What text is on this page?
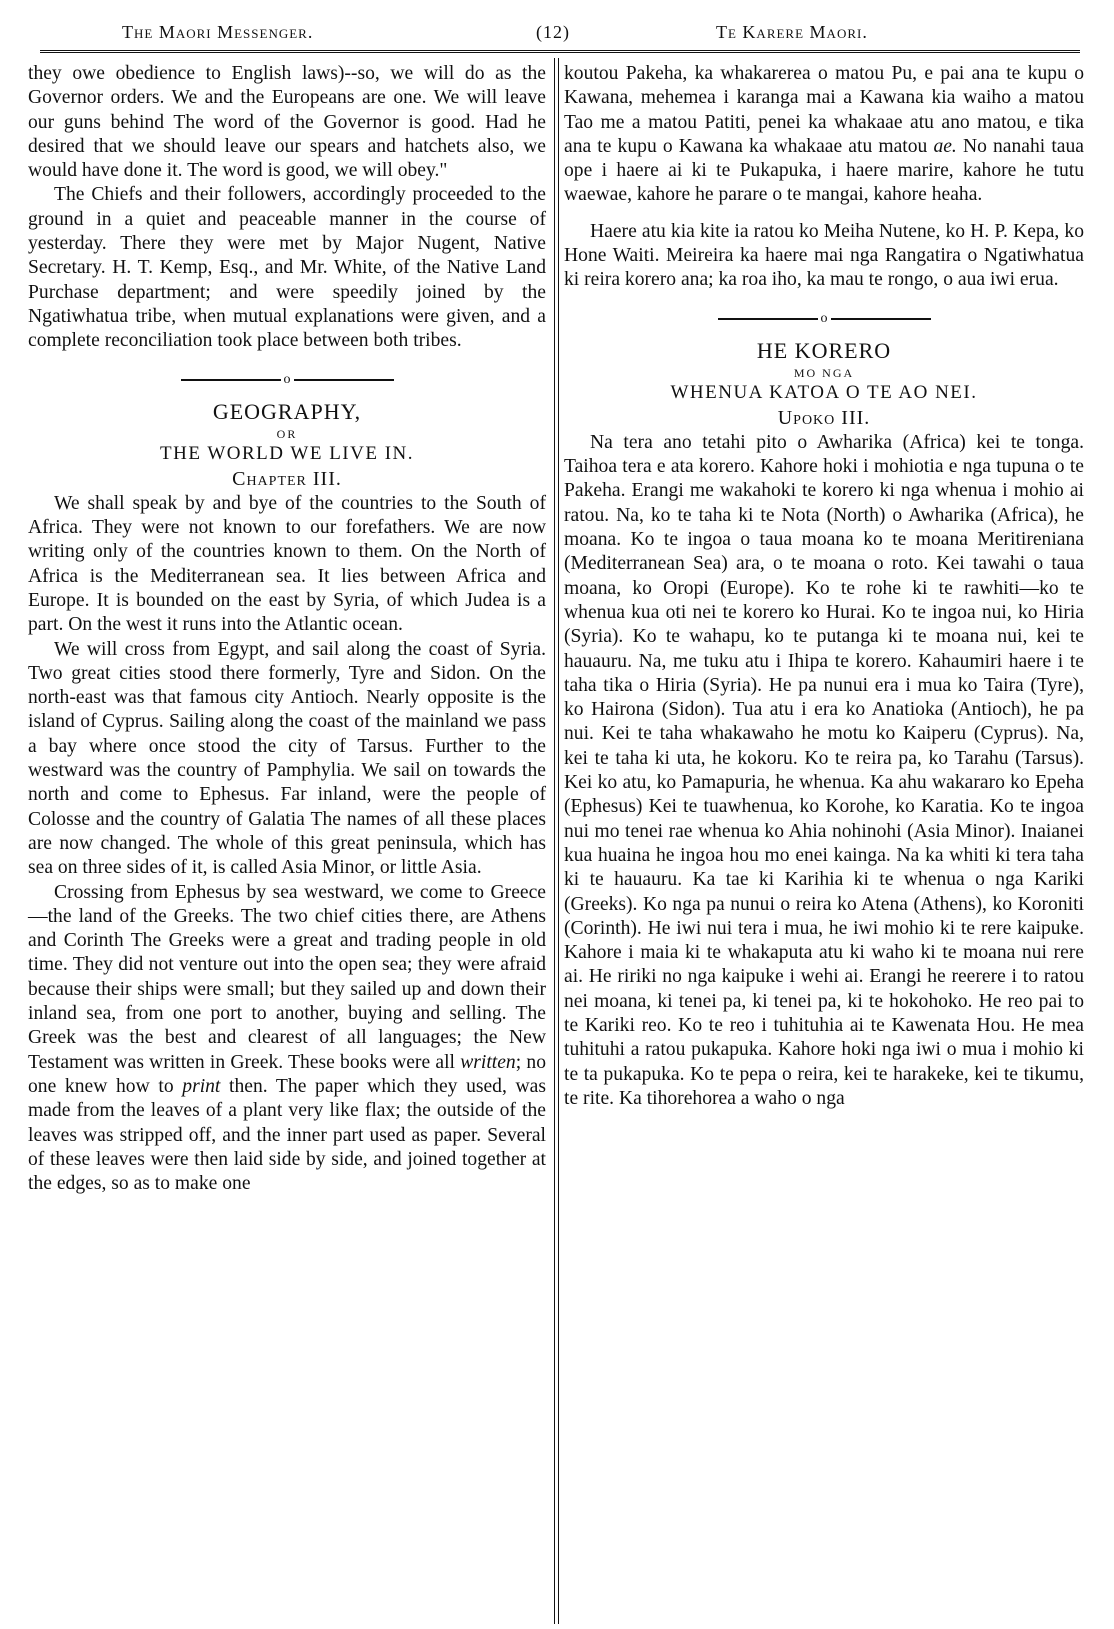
The Maori Messenger.	(12)	Te Karere Maori.

they owe obedience to English laws)--so, we will do as the Governor orders. We and the Europeans are one. We will leave our guns behind The word of the Governor is good. Had he desired that we should leave our spears and hatchets also, we would have done it. The word is good, we will obey."

The Chiefs and their followers, accordingly proceeded to the ground in a quiet and peaceable manner in the course of yesterday. There they were met by Major Nugent, Native Secretary. H. T. Kemp, Esq., and Mr. White, of the Native Land Purchase department; and were speedily joined by the Ngatiwhatua tribe, when mutual explanations were given, and a complete reconciliation took place between both tribes.

o

GEOGRAPHY,

OR

THE WORLD WE LIVE IN.

Chapter III.

We shall speak by and bye of the countries to the South of Africa. They were not known to our forefathers. We are now writing only of the countries known to them. On the North of Africa is the Mediterranean sea. It lies between Africa and Europe. It is bounded on the east by Syria, of which Judea is a part. On the west it runs into the Atlantic ocean.

We will cross from Egypt, and sail along the coast of Syria. Two great cities stood there formerly, Tyre and Sidon. On the north-east was that famous city Antioch. Nearly opposite is the island of Cyprus. Sailing along the coast of the mainland we pass a bay where once stood the city of Tarsus. Further to the westward was the country of Pamphylia. We sail on towards the north and come to Ephesus. Far inland, were the people of Colosse and the country of Galatia The names of all these places are now changed. The whole of this great peninsula, which has sea on three sides of it, is called Asia Minor, or little Asia.

Crossing from Ephesus by sea westward, we come to Greece—the land of the Greeks. The two chief cities there, are Athens and Corinth The Greeks were a great and trading people in old time. They did not venture out into the open sea; they were afraid because their ships were small; but they sailed up and down their inland sea, from one port to another, buying and selling. The Greek was the best and clearest of all languages; the New Testament was written in Greek. These books were all written; no one knew how to print then. The paper which they used, was made from the leaves of a plant very like flax; the outside of the leaves was stripped off, and the inner part used as paper. Several of these leaves were then laid side by side, and joined together at the edges, so as to make one

koutou Pakeha, ka whakarerea o matou Pu, e pai ana te kupu o Kawana, mehemea i karanga mai a Kawana kia waiho a matou Tao me a matou Patiti, penei ka whakaae atu ano matou, e tika ana te kupu o Kawana ka whakaae atu matou ae. No nanahi taua ope i haere ai ki te Pukapuka, i haere marire, kahore he tutu waewae, kahore he parare o te mangai, kahore heaha.

Haere atu kia kite ia ratou ko Meiha Nutene, ko H. P. Kepa, ko Hone Waiti. Meireira ka haere mai nga Rangatira o Ngatiwhatua ki reira korero ana; ka roa iho, ka mau te rongo, o aua iwi erua.

o

HE KORERO

MO NGA

WHENUA KATOA O TE AO NEI.

Upoko III.

Na tera ano tetahi pito o Awharika (Africa) kei te tonga. Taihoa tera e ata korero. Kahore hoki i mohiotia e nga tupuna o te Pakeha. Erangi me wakahoki te korero ki nga whenua i mohio ai ratou. Na, ko te taha ki te Nota (North) o Awharika (Africa), he moana. Ko te ingoa o taua moana ko te moana Meritireniana (Mediterranean Sea) ara, o te moana o roto. Kei tawahi o taua moana, ko Oropi (Europe). Ko te rohe ki te rawhiti—ko te whenua kua oti nei te korero ko Hurai. Ko te ingoa nui, ko Hiria (Syria). Ko te wahapu, ko te putanga ki te moana nui, kei te hauauru. Na, me tuku atu i Ihipa te korero. Kahaumiri haere i te taha tika o Hiria (Syria). He pa nunui era i mua ko Taira (Tyre), ko Hairona (Sidon). Tua atu i era ko Anatioka (Antioch), he pa nui. Kei te taha whakawaho he motu ko Kaiperu (Cyprus). Na, kei te taha ki uta, he kokoru. Ko te reira pa, ko Tarahu (Tarsus). Kei ko atu, ko Pamapuria, he whenua. Ka ahu wakararo ko Epeha (Ephesus) Kei te tuawhenua, ko Korohe, ko Karatia. Ko te ingoa nui mo tenei rae whenua ko Ahia nohinohi (Asia Minor). Inaianei kua huaina he ingoa hou mo enei kainga. Na ka whiti ki tera taha ki te hauauru. Ka tae ki Karihia ki te whenua o nga Kariki (Greeks). Ko nga pa nunui o reira ko Atena (Athens), ko Koroniti (Corinth). He iwi nui tera i mua, he iwi mohio ki te rere kaipuke. Kahore i maia ki te whakaputa atu ki waho ki te moana nui rere ai. He ririki no nga kaipuke i wehi ai. Erangi he reerere i to ratou nei moana, ki tenei pa, ki tenei pa, ki te hokohoko. He reo pai to te Kariki reo. Ko te reo i tuhituhia ai te Kawenata Hou. He mea tuhituhi a ratou pukapuka. Kahore hoki nga iwi o mua i mohio ki te ta pukapuka. Ko te pepa o reira, kei te harakeke, kei te tikumu, te rite. Ka tihorehorea a waho o nga
